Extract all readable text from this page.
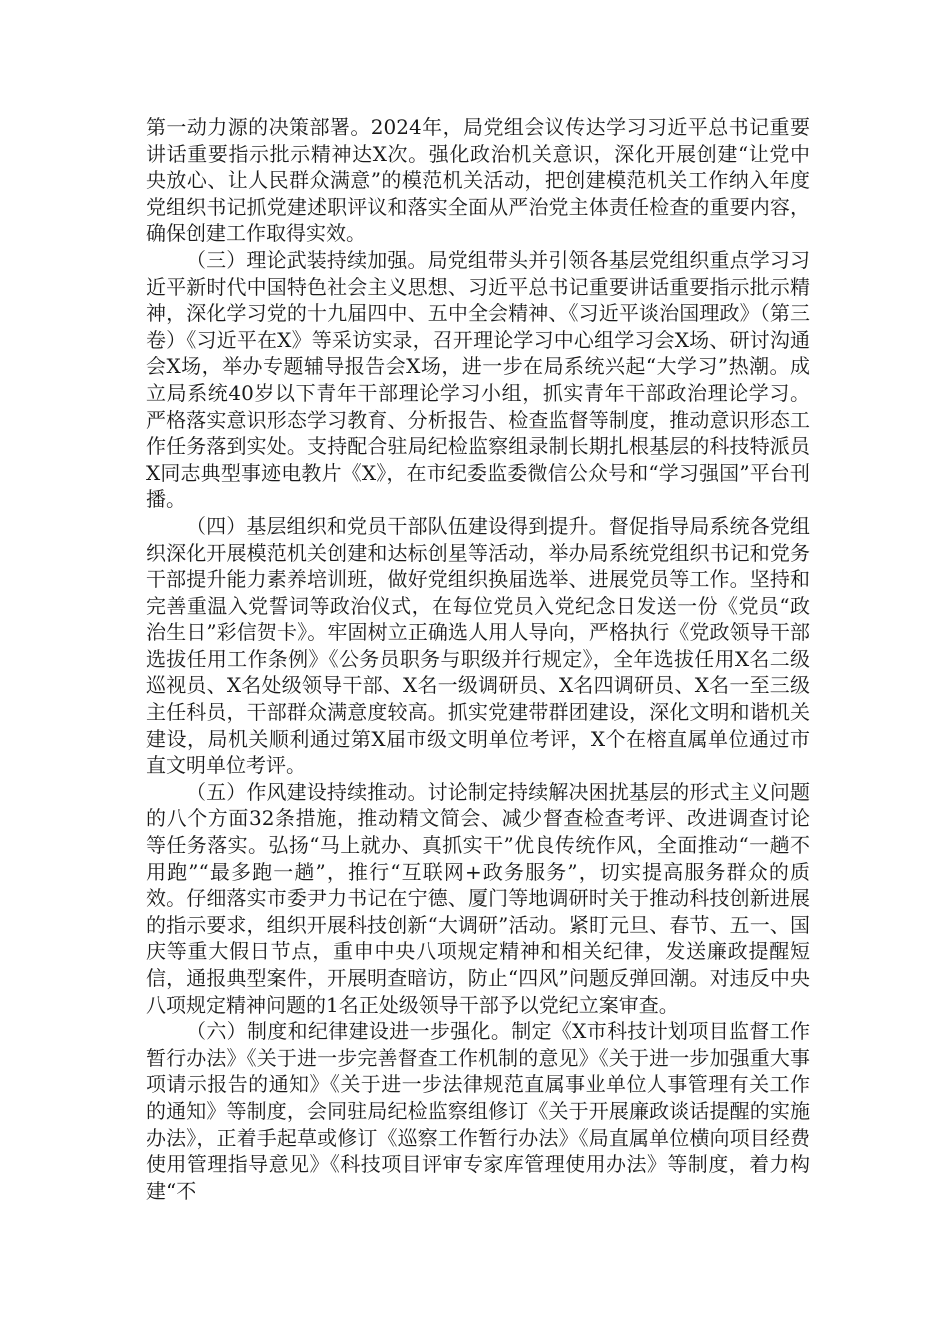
第一动力源的决策部署。2024年，局党组会议传达学习习近平总书记重要讲话重要指示批示精神达X次。强化政治机关意识，深化开展创建“让党中央放心、让人民群众满意”的模范机关活动，把创建模范机关工作纳入年度党组织书记抓党建述职评议和落实全面从严治党主体责任检查的重要内容，确保创建工作取得实效。

（三）理论武装持续加强。局党组带头并引领各基层党组织重点学习习近平新时代中国特色社会主义思想、习近平总书记重要讲话重要指示批示精神，深化学习党的十九届四中、五中全会精神、《习近平谈治国理政》（第三卷）《习近平在X》等采访实录，召开理论学习中心组学习会X场、研讨沟通会X场，举办专题辅导报告会X场，进一步在局系统兴起“大学习”热潮。成立局系统40岁以下青年干部理论学习小组，抓实青年干部政治理论学习。严格落实意识形态学习教育、分析报告、检查监督等制度，推动意识形态工作任务落到实处。支持配合驻局纪检监察组录制长期扎根基层的科技特派员X同志典型事迹电教片《X》，在市纪委监委微信公众号和“学习强国”平台刊播。

（四）基层组织和党员干部队伍建设得到提升。督促指导局系统各党组织深化开展模范机关创建和达标创星等活动，举办局系统党组织书记和党务干部提升能力素养培训班，做好党组织换届选举、进展党员等工作。坚持和完善重温入党誓词等政治仪式，在每位党员入党纪念日发送一份《党员“政治生日”彩信贺卡》。牢固树立正确选人用人导向，严格执行《党政领导干部选拔任用工作条例》《公务员职务与职级并行规定》，全年选拔任用X名二级巡视员、X名处级领导干部、X名一级调研员、X名四调研员、X名一至三级主任科员，干部群众满意度较高。抓实党建带群团建设，深化文明和谐机关建设，局机关顺利通过第X届市级文明单位考评，X个在榕直属单位通过市直文明单位考评。

（五）作风建设持续推动。讨论制定持续解决困扰基层的形式主义问题的八个方面32条措施，推动精文简会、减少督查检查考评、改进调查讨论等任务落实。弘扬“马上就办、真抓实干”优良传统作风，全面推动“一趟不用跑”“最多跑一趟”，推行“互联网+政务服务”，切实提高服务群众的质效。仔细落实市委尹力书记在宁德、厦门等地调研时关于推动科技创新进展的指示要求，组织开展科技创新“大调研”活动。紧盯元旦、春节、五一、国庆等重大假日节点，重申中央八项规定精神和相关纪律，发送廉政提醒短信，通报典型案件，开展明查暗访，防止“四风”问题反弹回潮。对违反中央八项规定精神问题的1名正处级领导干部予以党纪立案审查。

（六）制度和纪律建设进一步强化。制定《X市科技计划项目监督工作暂行办法》《关于进一步完善督查工作机制的意见》《关于进一步加强重大事项请示报告的通知》《关于进一步法律规范直属事业单位人事管理有关工作的通知》等制度，会同驻局纪检监察组修订《关于开展廉政谈话提醒的实施办法》，正着手起草或修订《巡察工作暂行办法》《局直属单位横向项目经费使用管理指导意见》《科技项目评审专家库管理使用办法》等制度，着力构建“不
